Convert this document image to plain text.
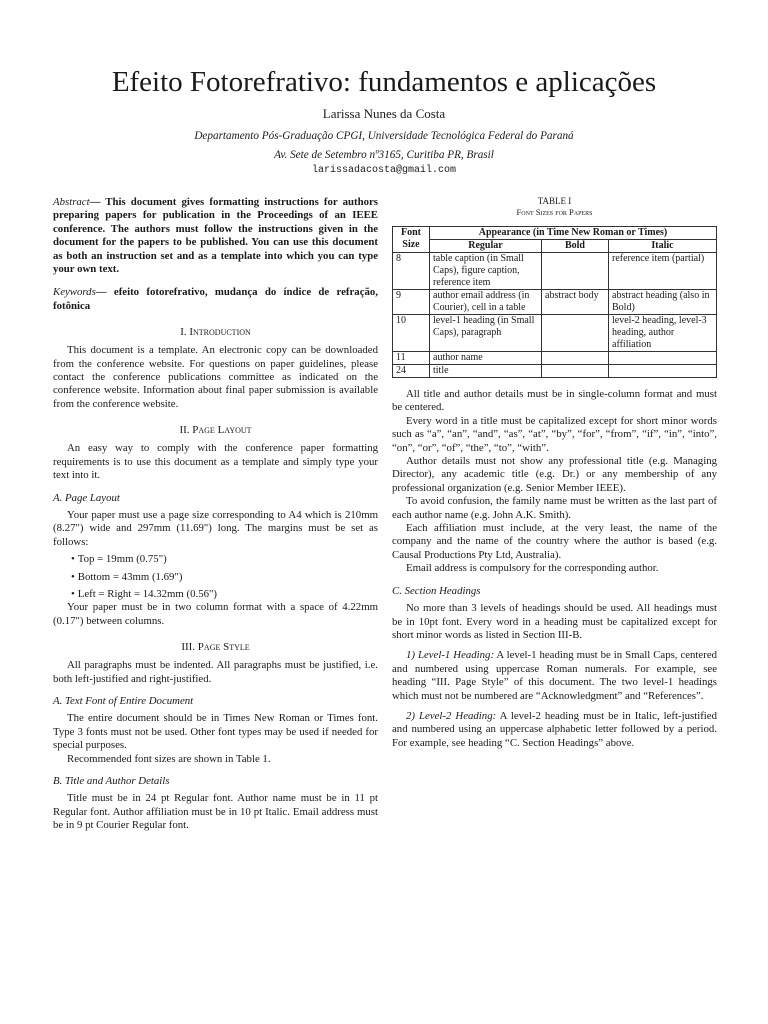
Efeito Fotorefrativo: fundamentos e aplicações
Larissa Nunes da Costa
Departamento Pós-Graduação CPGI, Universidade Tecnológica Federal do Paraná
Av. Sete de Setembro nº3165, Curitiba PR, Brasil
larissadacosta@gmail.com

Abstract— This document gives formatting instructions for authors preparing papers for publication in the Proceedings of an IEEE conference. The authors must follow the instructions given in the document for the papers to be published. You can use this document as both an instruction set and as a template into which you can type your own text.

Keywords— efeito fotorefrativo, mudança do índice de refração, fotônica

I. Introduction

This document is a template. An electronic copy can be downloaded from the conference website. For questions on paper guidelines, please contact the conference publications committee as indicated on the conference website. Information about final paper submission is available from the conference website.

II. Page Layout

An easy way to comply with the conference paper formatting requirements is to use this document as a template and simply type your text into it.

A. Page Layout

Your paper must use a page size corresponding to A4 which is 210mm (8.27") wide and 297mm (11.69") long. The margins must be set as follows:

• Top = 19mm (0.75")

• Bottom = 43mm (1.69")

• Left = Right = 14.32mm (0.56")

Your paper must be in two column format with a space of 4.22mm (0.17") between columns.

III. Page Style

All paragraphs must be indented. All paragraphs must be justified, i.e. both left-justified and right-justified.

A. Text Font of Entire Document

The entire document should be in Times New Roman or Times font. Type 3 fonts must not be used. Other font types may be used if needed for special purposes.

Recommended font sizes are shown in Table 1.

B. Title and Author Details

Title must be in 24 pt Regular font. Author name must be in 11 pt Regular font. Author affiliation must be in 10 pt Italic. Email address must be in 9 pt Courier Regular font.

TABLE I
Font Sizes for Papers
Font Size	Appearance (in Time New Roman or Times)		
	Regular	Bold	Italic
8	table caption (in Small Caps), figure caption, reference item		reference item (partial)
9	author email address (in Courier), cell in a table	abstract body	abstract heading (also in Bold)
10	level-1 heading (in Small Caps), paragraph		level-2 heading, level-3 heading, author affiliation
11	author name		
24	title		

All title and author details must be in single-column format and must be centered.

Every word in a title must be capitalized except for short minor words such as “a”, “an”, “and”, “as”, “at”, “by”, “for”, “from”, “if”, “in”, “into”, “on”, “or”, “of”, “the”, “to”, “with”.

Author details must not show any professional title (e.g. Managing Director), any academic title (e.g. Dr.) or any membership of any professional organization (e.g. Senior Member IEEE).

To avoid confusion, the family name must be written as the last part of each author name (e.g. John A.K. Smith).

Each affiliation must include, at the very least, the name of the company and the name of the country where the author is based (e.g. Causal Productions Pty Ltd, Australia).

Email address is compulsory for the corresponding author.

C. Section Headings

No more than 3 levels of headings should be used. All headings must be in 10pt font. Every word in a heading must be capitalized except for short minor words as listed in Section III-B.

1) Level-1 Heading: A level-1 heading must be in Small Caps, centered and numbered using uppercase Roman numerals. For example, see heading “III. Page Style” of this document. The two level-1 headings which must not be numbered are “Acknowledgment” and “References”.

2) Level-2 Heading: A level-2 heading must be in Italic, left-justified and numbered using an uppercase alphabetic letter followed by a period. For example, see heading “C. Section Headings” above.
